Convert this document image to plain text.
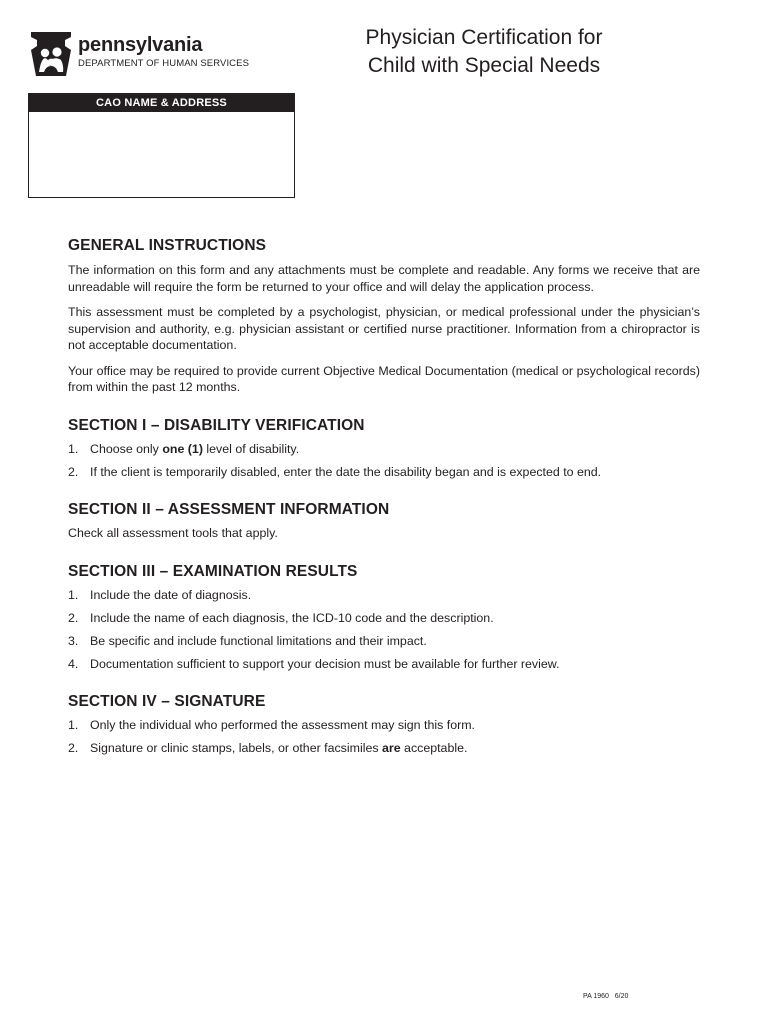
pennsylvania
DEPARTMENT OF HUMAN SERVICES
Physician Certification for
Child with Special Needs
CAO NAME & ADDRESS
GENERAL INSTRUCTIONS

The information on this form and any attachments must be complete and readable. Any forms we receive that are unreadable will require the form be returned to your office and will delay the application process.

This assessment must be completed by a psychologist, physician, or medical professional under the physician’s supervision and authority, e.g. physician assistant or certified nurse practitioner. Information from a chiropractor is not acceptable documentation.

Your office may be required to provide current Objective Medical Documentation (medical or psychological records) from within the past 12 months.

SECTION I – DISABILITY VERIFICATION
1. Choose only one (1) level of disability.
2. If the client is temporarily disabled, enter the date the disability began and is expected to end.
SECTION II – ASSESSMENT INFORMATION

Check all assessment tools that apply.

SECTION III – EXAMINATION RESULTS
1. Include the date of diagnosis.
2. Include the name of each diagnosis, the ICD-10 code and the description.
3. Be specific and include functional limitations and their impact.
4. Documentation sufficient to support your decision must be available for further review.
SECTION IV – SIGNATURE
1. Only the individual who performed the assessment may sign this form.
2. Signature or clinic stamps, labels, or other facsimiles are acceptable.
PA 1960   6/20
